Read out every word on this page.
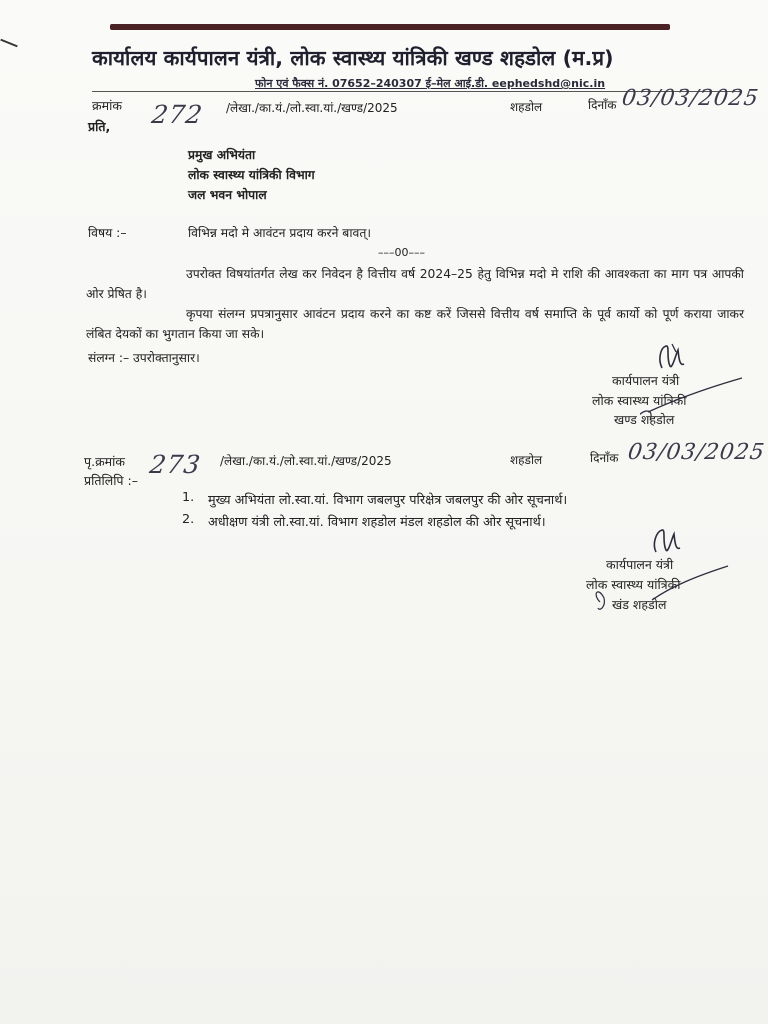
कार्यालय कार्यपालन यंत्री, लोक स्वास्थ्य यांत्रिकी खण्ड शहडोल (म.प्र)
फोन एवं फैक्स नं. 07652–240307 ई–मेल आई.डी. eephedshd@nic.in
क्रमांक 272 /लेखा./का.यं./लो.स्वा.यां./खण्ड/2025	शहडोल	दिनाँक 03/03/2025
प्रति,
प्रमुख अभियंता
लोक स्वास्थ्य यांत्रिकी विभाग
जल भवन भोपाल
विषय :–	विभिन्न मदो मे आवंटन प्रदाय करने बावत्।
–––00–––
उपरोक्त विषयांतर्गत लेख कर निवेदन है वित्तीय वर्ष 2024–25 हेतु विभिन्न मदो मे राशि की आवश्कता का माग पत्र आपकी ओर प्रेषित है।
कृपया संलग्न प्रपत्रानुसार आवंटन प्रदाय करने का कष्ट करें जिससे वित्तीय वर्ष समाप्ति के पूर्व कार्यो को पूर्ण कराया जाकर लंबित देयकों का भुगतान किया जा सके।
संलग्न :– उपरोक्तानुसार।
कार्यपालन यंत्री
लोक स्वास्थ्य यांत्रिकी
खण्ड शहडोल
पृ.क्रमांक 273 /लेखा./का.यं./लो.स्वा.यां./खण्ड/2025	शहडोल	दिनाँक 03/03/2025
प्रतिलिपि :–
1. मुख्य अभियंता लो.स्वा.यां. विभाग जबलपुर परिक्षेत्र जबलपुर की ओर सूचनार्थ।
2. अधीक्षण यंत्री लो.स्वा.यां. विभाग शहडोल मंडल शहडोल की ओर सूचनार्थ।
कार्यपालन यंत्री
लोक स्वास्थ्य यांत्रिकी
खंड शहडोल
